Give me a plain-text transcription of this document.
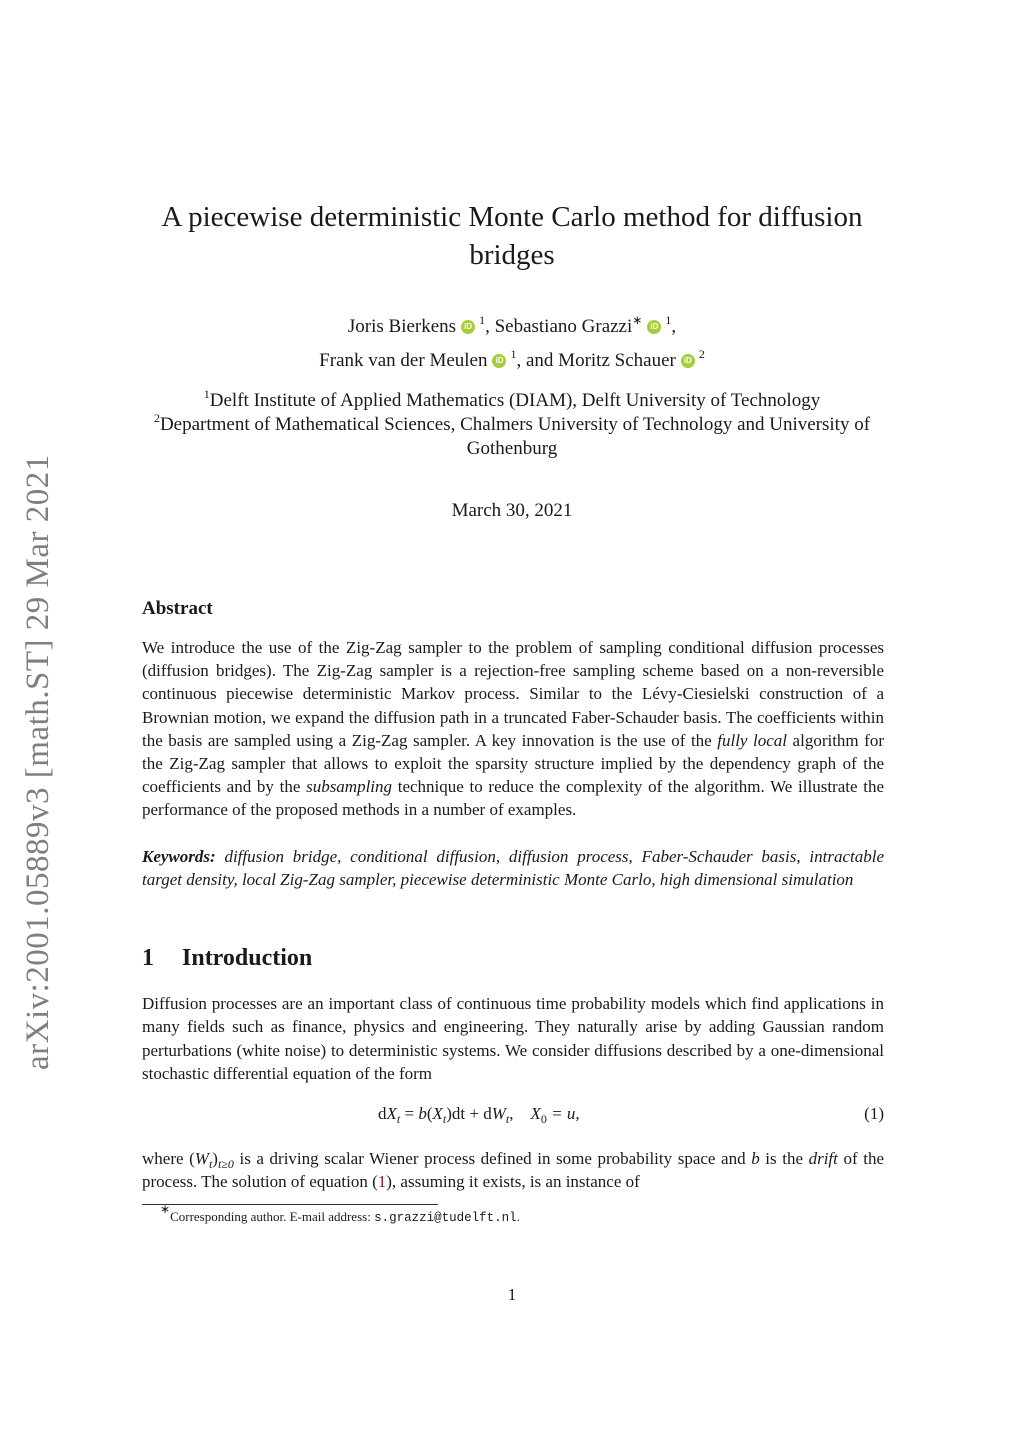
arXiv:2001.05889v3 [math.ST] 29 Mar 2021
A piecewise deterministic Monte Carlo method for diffusion bridges
Joris Bierkens iD $^1$, Sebastiano Grazzi∗ iD $^1$,
Frank van der Meulen iD $^1$, and Moritz Schauer iD $^2$
$^1$Delft Institute of Applied Mathematics (DIAM), Delft University of Technology
$^2$Department of Mathematical Sciences, Chalmers University of Technology and University of Gothenburg
March 30, 2021
Abstract
We introduce the use of the Zig-Zag sampler to the problem of sampling conditional diffusion processes (diffusion bridges). The Zig-Zag sampler is a rejection-free sampling scheme based on a non-reversible continuous piecewise deterministic Markov process. Similar to the Lévy-Ciesielski construction of a Brownian motion, we expand the diffusion path in a truncated Faber-Schauder basis. The coefficients within the basis are sampled using a Zig-Zag sampler. A key innovation is the use of the fully local algorithm for the Zig-Zag sampler that allows to exploit the sparsity structure implied by the dependency graph of the coefficients and by the subsampling technique to reduce the complexity of the algorithm. We illustrate the performance of the proposed methods in a number of examples.
Keywords: diffusion bridge, conditional diffusion, diffusion process, Faber-Schauder basis, intractable target density, local Zig-Zag sampler, piecewise deterministic Monte Carlo, high dimensional simulation
1 Introduction
Diffusion processes are an important class of continuous time probability models which find applications in many fields such as finance, physics and engineering. They naturally arise by adding Gaussian random perturbations (white noise) to deterministic systems. We consider diffusions described by a one-dimensional stochastic differential equation of the form
$dX_t = b(X_t)dt + dW_t$, $X_0 = u$,	(1)
where $(W_t)_{t\ge 0}$ is a driving scalar Wiener process defined in some probability space and b is the drift of the process. The solution of equation (1), assuming it exists, is an instance of
∗Corresponding author. E-mail address: s.grazzi@tudelft.nl.
1
